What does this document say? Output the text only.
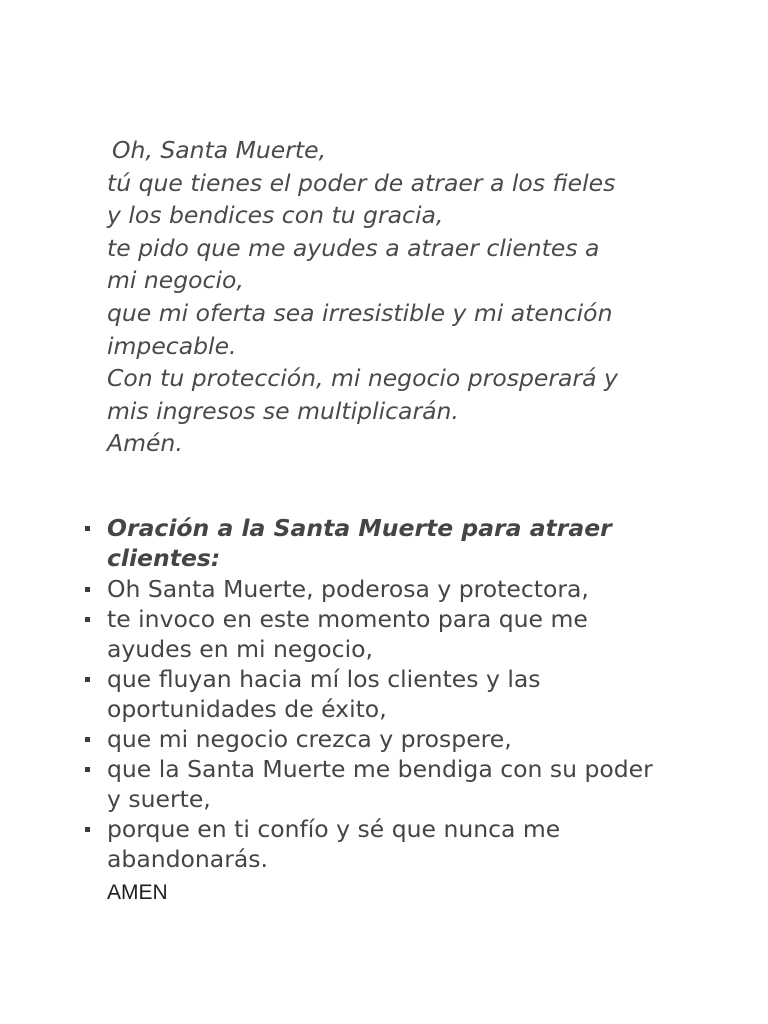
Oh, Santa Muerte,
tú que tienes el poder de atraer a los fieles
y los bendices con tu gracia,
te pido que me ayudes a atraer clientes a
mi negocio,
que mi oferta sea irresistible y mi atención
impecable.
Con tu protección, mi negocio prosperará y
mis ingresos se multiplicarán.
Amén.
Oración a la Santa Muerte para atraer clientes:
Oh Santa Muerte, poderosa y protectora,
te invoco en este momento para que me ayudes en mi negocio,
que fluyan hacia mí los clientes y las oportunidades de éxito,
que mi negocio crezca y prospere,
que la Santa Muerte me bendiga con su poder y suerte,
porque en ti confío y sé que nunca me abandonarás.
AMEN
